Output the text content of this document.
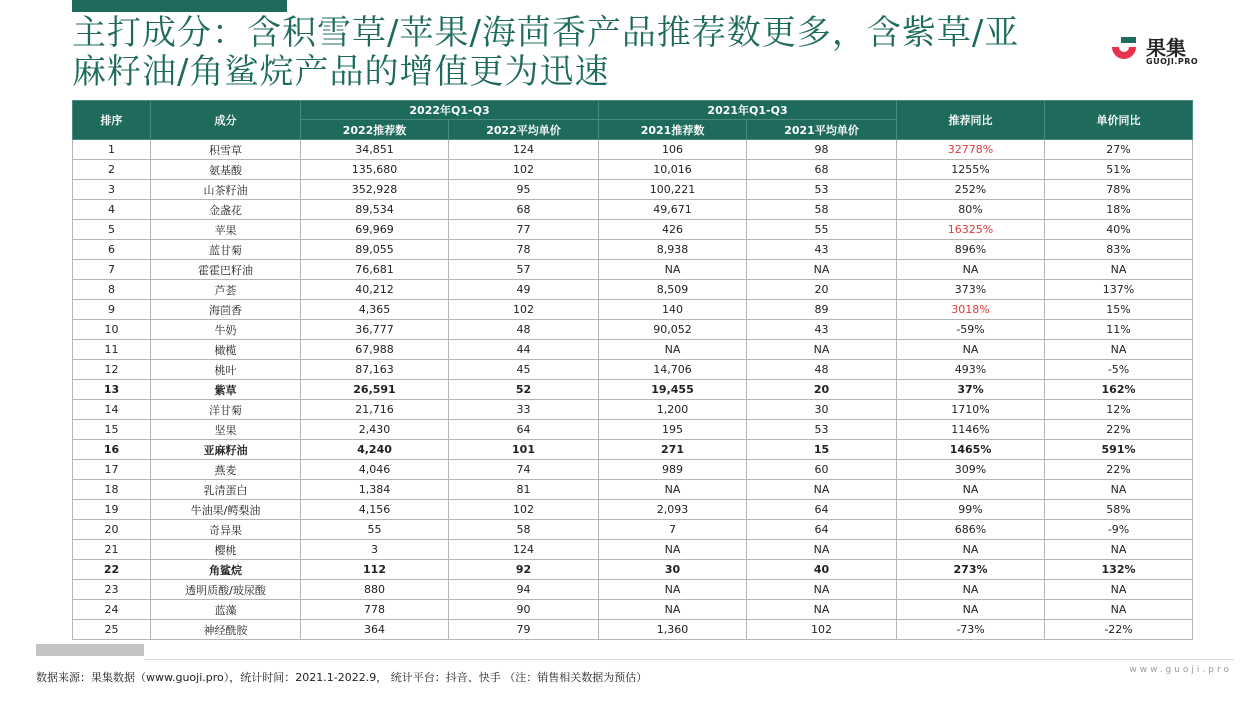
主打成分：含积雪草/苹果/海茴香产品推荐数更多，含紫草/亚麻籽油/角鲨烷产品的增值更为迅速
果集
GUOJI.PRO
排序	成分	2022年Q1-Q3		2021年Q1-Q3		推荐同比	单价同比
		2022推荐数	2022平均单价	2021推荐数	2021平均单价		
1	积雪草	34,851	124	106	98	32778%	27%
2	氨基酸	135,680	102	10,016	68	1255%	51%
3	山茶籽油	352,928	95	100,221	53	252%	78%
4	金盏花	89,534	68	49,671	58	80%	18%
5	苹果	69,969	77	426	55	16325%	40%
6	蓝甘菊	89,055	78	8,938	43	896%	83%
7	霍霍巴籽油	76,681	57	NA	NA	NA	NA
8	芦荟	40,212	49	8,509	20	373%	137%
9	海茴香	4,365	102	140	89	3018%	15%
10	牛奶	36,777	48	90,052	43	-59%	11%
11	橄榄	67,988	44	NA	NA	NA	NA
12	桃叶	87,163	45	14,706	48	493%	-5%
13	紫草	26,591	52	19,455	20	37%	162%
14	洋甘菊	21,716	33	1,200	30	1710%	12%
15	坚果	2,430	64	195	53	1146%	22%
16	亚麻籽油	4,240	101	271	15	1465%	591%
17	燕麦	4,046	74	989	60	309%	22%
18	乳清蛋白	1,384	81	NA	NA	NA	NA
19	牛油果/鳄梨油	4,156	102	2,093	64	99%	58%
20	奇异果	55	58	7	64	686%	-9%
21	樱桃	3	124	NA	NA	NA	NA
22	角鲨烷	112	92	30	40	273%	132%
23	透明质酸/玻尿酸	880	94	NA	NA	NA	NA
24	蓝藻	778	90	NA	NA	NA	NA
25	神经酰胺	364	79	1,360	102	-73%	-22%
数据来源：果集数据（www.guoji.pro），统计时间：2021.1-2022.9， 统计平台：抖音、快手 （注：销售相关数据为预估）
www.guoji.pro
